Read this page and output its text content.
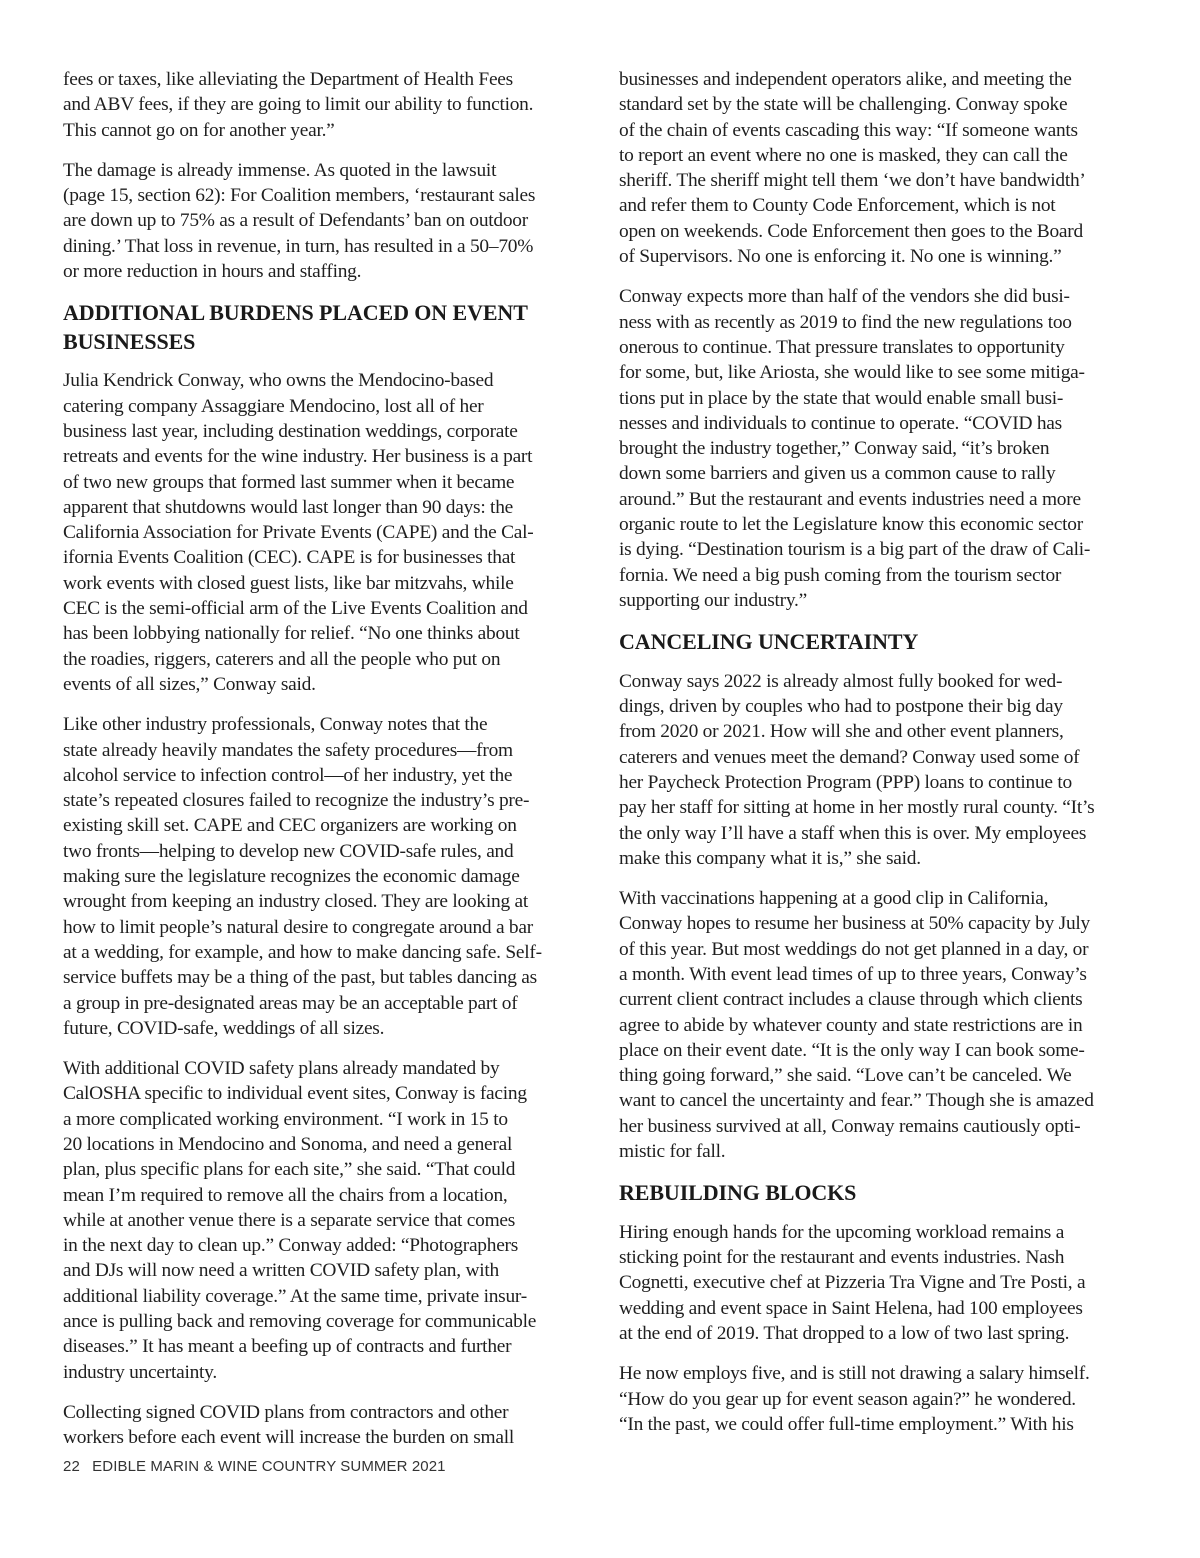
fees or taxes, like alleviating the Department of Health Fees
and ABV fees, if they are going to limit our ability to function.
This cannot go on for another year.”

The damage is already immense. As quoted in the lawsuit
(page 15, section 62): For Coalition members, ‘restaurant sales
are down up to 75% as a result of Defendants’ ban on outdoor
dining.’ That loss in revenue, in turn, has resulted in a 50–70%
or more reduction in hours and staffing.

ADDITIONAL BURDENS PLACED ON EVENT
BUSINESSES

Julia Kendrick Conway, who owns the Mendocino-based
catering company Assaggiare Mendocino, lost all of her
business last year, including destination weddings, corporate
retreats and events for the wine industry. Her business is a part
of two new groups that formed last summer when it became
apparent that shutdowns would last longer than 90 days: the
California Association for Private Events (CAPE) and the Cal-
ifornia Events Coalition (CEC). CAPE is for businesses that
work events with closed guest lists, like bar mitzvahs, while
CEC is the semi-official arm of the Live Events Coalition and
has been lobbying nationally for relief. “No one thinks about
the roadies, riggers, caterers and all the people who put on
events of all sizes,” Conway said.

Like other industry professionals, Conway notes that the
state already heavily mandates the safety procedures—from
alcohol service to infection control—of her industry, yet the
state’s repeated closures failed to recognize the industry’s pre-
existing skill set. CAPE and CEC organizers are working on
two fronts—helping to develop new COVID-safe rules, and
making sure the legislature recognizes the economic damage
wrought from keeping an industry closed. They are looking at
how to limit people’s natural desire to congregate around a bar
at a wedding, for example, and how to make dancing safe. Self-
service buffets may be a thing of the past, but tables dancing as
a group in pre-designated areas may be an acceptable part of
future, COVID-safe, weddings of all sizes.

With additional COVID safety plans already mandated by
CalOSHA specific to individual event sites, Conway is facing
a more complicated working environment. “I work in 15 to
20 locations in Mendocino and Sonoma, and need a general
plan, plus specific plans for each site,” she said. “That could
mean I’m required to remove all the chairs from a location,
while at another venue there is a separate service that comes
in the next day to clean up.” Conway added: “Photographers
and DJs will now need a written COVID safety plan, with
additional liability coverage.” At the same time, private insur-
ance is pulling back and removing coverage for communicable
diseases.” It has meant a beefing up of contracts and further
industry uncertainty.

Collecting signed COVID plans from contractors and other
workers before each event will increase the burden on small

businesses and independent operators alike, and meeting the
standard set by the state will be challenging. Conway spoke
of the chain of events cascading this way: “If someone wants
to report an event where no one is masked, they can call the
sheriff. The sheriff might tell them ‘we don’t have bandwidth’
and refer them to County Code Enforcement, which is not
open on weekends. Code Enforcement then goes to the Board
of Supervisors. No one is enforcing it. No one is winning.”

Conway expects more than half of the vendors she did busi-
ness with as recently as 2019 to find the new regulations too
onerous to continue. That pressure translates to opportunity
for some, but, like Ariosta, she would like to see some mitiga-
tions put in place by the state that would enable small busi-
nesses and individuals to continue to operate. “COVID has
brought the industry together,” Conway said, “it’s broken
down some barriers and given us a common cause to rally
around.” But the restaurant and events industries need a more
organic route to let the Legislature know this economic sector
is dying. “Destination tourism is a big part of the draw of Cali-
fornia. We need a big push coming from the tourism sector
supporting our industry.”

CANCELING UNCERTAINTY

Conway says 2022 is already almost fully booked for wed-
dings, driven by couples who had to postpone their big day
from 2020 or 2021. How will she and other event planners,
caterers and venues meet the demand? Conway used some of
her Paycheck Protection Program (PPP) loans to continue to
pay her staff for sitting at home in her mostly rural county. “It’s
the only way I’ll have a staff when this is over. My employees
make this company what it is,” she said.

With vaccinations happening at a good clip in California,
Conway hopes to resume her business at 50% capacity by July
of this year. But most weddings do not get planned in a day, or
a month. With event lead times of up to three years, Conway’s
current client contract includes a clause through which clients
agree to abide by whatever county and state restrictions are in
place on their event date. “It is the only way I can book some-
thing going forward,” she said. “Love can’t be canceled. We
want to cancel the uncertainty and fear.” Though she is amazed
her business survived at all, Conway remains cautiously opti-
mistic for fall.

REBUILDING BLOCKS

Hiring enough hands for the upcoming workload remains a
sticking point for the restaurant and events industries. Nash
Cognetti, executive chef at Pizzeria Tra Vigne and Tre Posti, a
wedding and event space in Saint Helena, had 100 employees
at the end of 2019. That dropped to a low of two last spring.

He now employs five, and is still not drawing a salary himself.
“How do you gear up for event season again?” he wondered.
“In the past, we could offer full-time employment.” With his

22 EDIBLE MARIN & WINE COUNTRY SUMMER 2021
